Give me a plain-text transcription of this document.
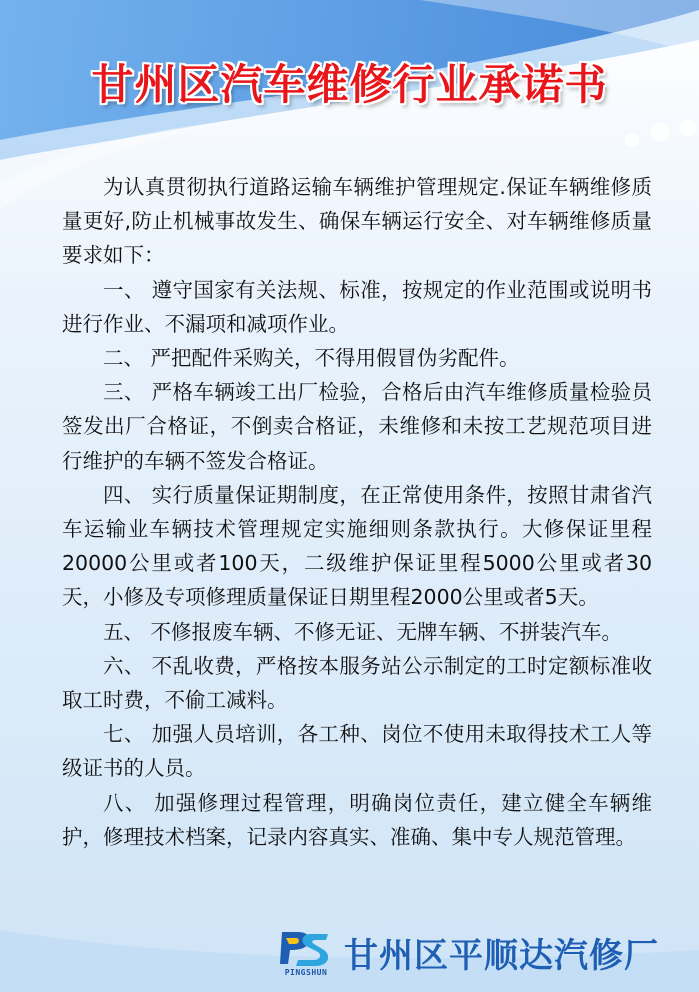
甘州区汽车维修行业承诺书

为认真贯彻执行道路运输车辆维护管理规定.保证车辆维修质量更好,防止机械事故发生、确保车辆运行安全、对车辆维修质量要求如下：

一、 遵守国家有关法规、标准，按规定的作业范围或说明书进行作业、不漏项和减项作业。

二、 严把配件采购关，不得用假冒伪劣配件。

三、 严格车辆竣工出厂检验，合格后由汽车维修质量检验员签发出厂合格证，不倒卖合格证，未维修和未按工艺规范项目进行维护的车辆不签发合格证。

四、 实行质量保证期制度，在正常使用条件，按照甘肃省汽车运输业车辆技术管理规定实施细则条款执行。大修保证里程20000公里或者100天，二级维护保证里程5000公里或者30天，小修及专项修理质量保证日期里程2000公里或者5天。

五、 不修报废车辆、不修无证、无牌车辆、不拼装汽车。

六、 不乱收费，严格按本服务站公示制定的工时定额标准收取工时费，不偷工减料。

七、 加强人员培训，各工种、岗位不使用未取得技术工人等级证书的人员。

八、 加强修理过程管理，明确岗位责任，建立健全车辆维护，修理技术档案，记录内容真实、准确、集中专人规范管理。

PINGSHUN 甘州区平顺达汽修厂
